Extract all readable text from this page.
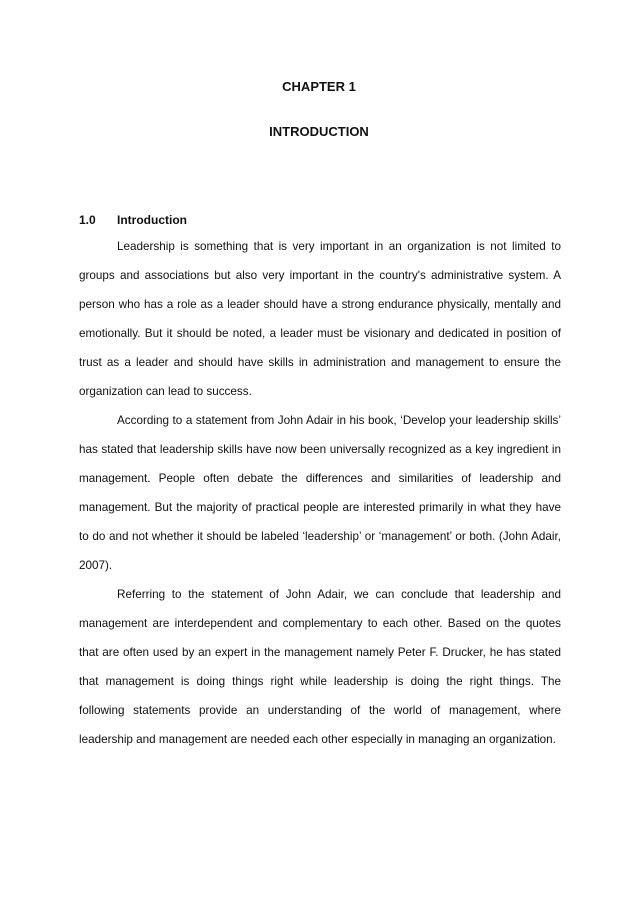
CHAPTER 1
INTRODUCTION
1.0 Introduction
Leadership is something that is very important in an organization is not limited to
groups and associations but also very important in the country's administrative system. A
person who has a role as a leader should have a strong endurance physically, mentally and
emotionally. But it should be noted, a leader must be visionary and dedicated in position of
trust as a leader and should have skills in administration and management to ensure the
organization can lead to success.
According to a statement from John Adair in his book, ‘Develop your leadership skills’
has stated that leadership skills have now been universally recognized as a key ingredient in
management. People often debate the differences and similarities of leadership and
management. But the majority of practical people are interested primarily in what they have
to do and not whether it should be labeled ‘leadership’ or ‘management’ or both. (John Adair,
2007).
Referring to the statement of John Adair, we can conclude that leadership and
management are interdependent and complementary to each other. Based on the quotes
that are often used by an expert in the management namely Peter F. Drucker, he has stated
that management is doing things right while leadership is doing the right things. The
following statements provide an understanding of the world of management, where
leadership and management are needed each other especially in managing an organization.
